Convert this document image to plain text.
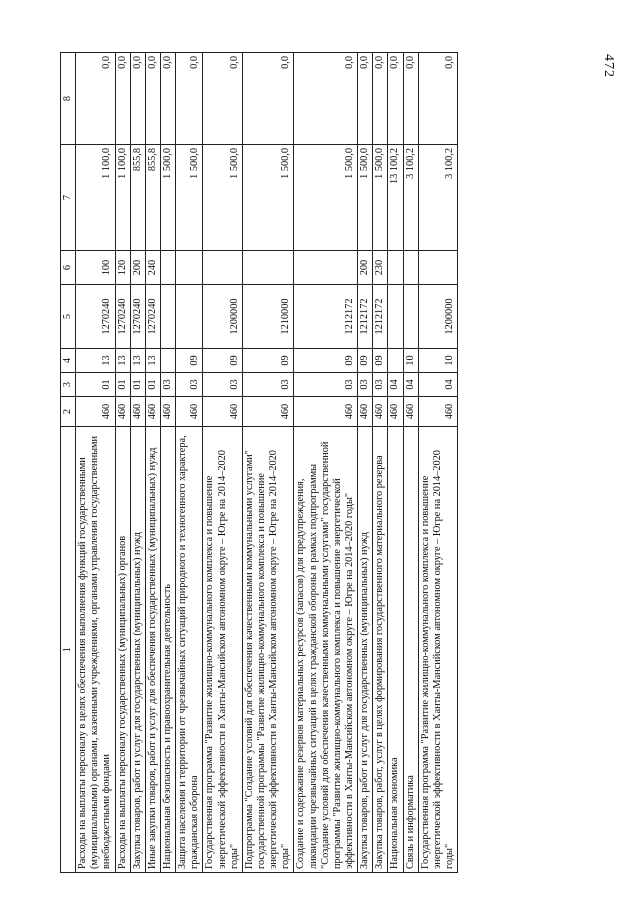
472
1	2	3	4	5	6	7	8
Расходы на выплаты персоналу в целях обеспечения выполнения функций государственными (муниципальными) органами, казенными учреждениями, органами управления государственными внебюджетными фондами	460	01	13	1270240	100	1 100,0	0,0
Расходы на выплаты персоналу государственных (муниципальных) органов	460	01	13	1270240	120	1 100,0	0,0
Закупка товаров, работ и услуг для государственных (муниципальных) нужд	460	01	13	1270240	200	855,8	0,0
Иные закупки товаров, работ и услуг для обеспечения государственных (муниципальных) нужд	460	01	13	1270240	240	855,8	0,0
Национальная безопасность и правоохранительная деятельность	460	03				1 500,0	0,0
Защита населения и территории от чрезвычайных ситуаций природного и техногенного характера, гражданская оборона	460	03	09			1 500,0	0,0
Государственная программа "Развитие жилищно-коммунального комплекса и повышение энергетической эффективности в Ханты-Мансийском автономном округе – Югре на 2014–2020 годы"	460	03	09	1200000		1 500,0	0,0
Подпрограмма "Создание условий для обеспечения качественными коммунальными услугами" государственной программы "Развитие жилищно-коммунального комплекса и повышение энергетической эффективности в Ханты-Мансийском автономном округе – Югре на 2014–2020 годы"	460	03	09	1210000		1 500,0	0,0
Создание и содержание резервов материальных ресурсов (запасов) для предупреждения, ликвидации чрезвычайных ситуаций в целях гражданской обороны в рамках подпрограммы "Создание условий для обеспечения качественными коммунальными услугами" государственной программы "Развитие жилищно-коммунального комплекса и повышение энергетической эффективности в Ханты-Мансийском автономном округе – Югре на 2014–2020 годы"	460	03	09	1212172		1 500,0	0,0
Закупка товаров, работ и услуг для государственных (муниципальных) нужд	460	03	09	1212172	200	1 500,0	0,0
Закупка товаров, работ, услуг в целях формирования государственного материального резерва	460	03	09	1212172	230	1 500,0	0,0
Национальная экономика	460	04				13 100,2	0,0
Связь и информатика	460	04	10			3 100,2	0,0
Государственная программа "Развитие жилищно-коммунального комплекса и повышение энергетической эффективности в Ханты-Мансийском автономном округе – Югре на 2014–2020 годы"	460	04	10	1200000		3 100,2	0,0
